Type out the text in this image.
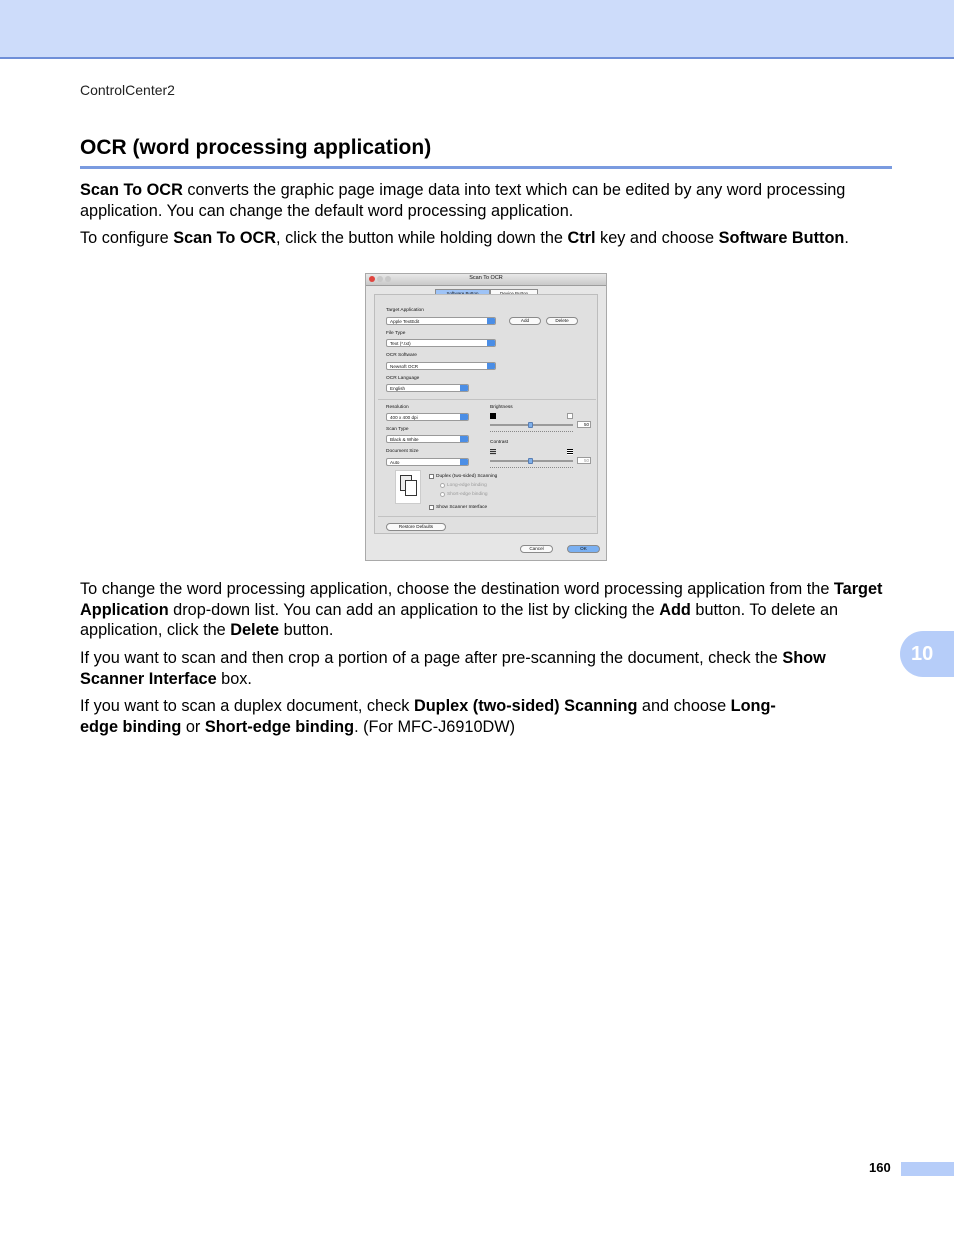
ControlCenter2
OCR (word processing application)
Scan To OCR converts the graphic page image data into text which can be edited by any word processing application. You can change the default word processing application.
To configure Scan To OCR, click the button while holding down the Ctrl key and choose Software Button.
Scan To OCR
Target Application
Apple TextEdit	Add	Delete
File Type
Text (*.txt)
OCR Software
Newsoft OCR
OCR Language
English
Resolution
400 x 400 dpi
Scan Type
Black & White
Document Size
Auto
Brightness
50
Contrast
50
Duplex (two-sided) Scanning
Long-edge binding
Short-edge binding
Show Scanner Interface
Restore Defaults
Cancel	OK
To change the word processing application, choose the destination word processing application from the Target Application drop-down list. You can add an application to the list by clicking the Add button. To delete an application, click the Delete button.
If you want to scan and then crop a portion of a page after pre-scanning the document, check the Show Scanner Interface box.
If you want to scan a duplex document, check Duplex (two-sided) Scanning and choose Long-edge binding or Short-edge binding. (For MFC-J6910DW)
10
160
